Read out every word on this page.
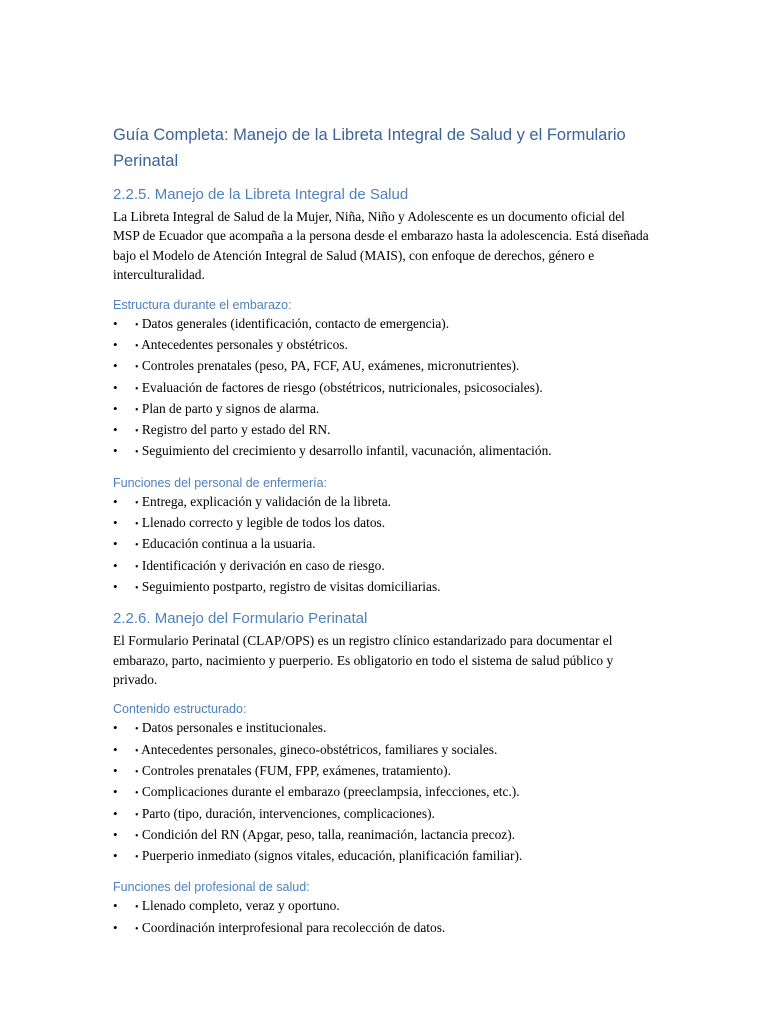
Guía Completa: Manejo de la Libreta Integral de Salud y el Formulario Perinatal
2.2.5. Manejo de la Libreta Integral de Salud

La Libreta Integral de Salud de la Mujer, Niña, Niño y Adolescente es un documento oficial del MSP de Ecuador que acompaña a la persona desde el embarazo hasta la adolescencia. Está diseñada bajo el Modelo de Atención Integral de Salud (MAIS), con enfoque de derechos, género e interculturalidad.

Estructura durante el embarazo:
• • Datos generales (identificación, contacto de emergencia).
• • Antecedentes personales y obstétricos.
• • Controles prenatales (peso, PA, FCF, AU, exámenes, micronutrientes).
• • Evaluación de factores de riesgo (obstétricos, nutricionales, psicosociales).
• • Plan de parto y signos de alarma.
• • Registro del parto y estado del RN.
• • Seguimiento del crecimiento y desarrollo infantil, vacunación, alimentación.
Funciones del personal de enfermería:
• • Entrega, explicación y validación de la libreta.
• • Llenado correcto y legible de todos los datos.
• • Educación continua a la usuaria.
• • Identificación y derivación en caso de riesgo.
• • Seguimiento postparto, registro de visitas domiciliarias.
2.2.6. Manejo del Formulario Perinatal

El Formulario Perinatal (CLAP/OPS) es un registro clínico estandarizado para documentar el embarazo, parto, nacimiento y puerperio. Es obligatorio en todo el sistema de salud público y privado.

Contenido estructurado:
• • Datos personales e institucionales.
• • Antecedentes personales, gineco-obstétricos, familiares y sociales.
• • Controles prenatales (FUM, FPP, exámenes, tratamiento).
• • Complicaciones durante el embarazo (preeclampsia, infecciones, etc.).
• • Parto (tipo, duración, intervenciones, complicaciones).
• • Condición del RN (Apgar, peso, talla, reanimación, lactancia precoz).
• • Puerperio inmediato (signos vitales, educación, planificación familiar).
Funciones del profesional de salud:
• • Llenado completo, veraz y oportuno.
• • Coordinación interprofesional para recolección de datos.
